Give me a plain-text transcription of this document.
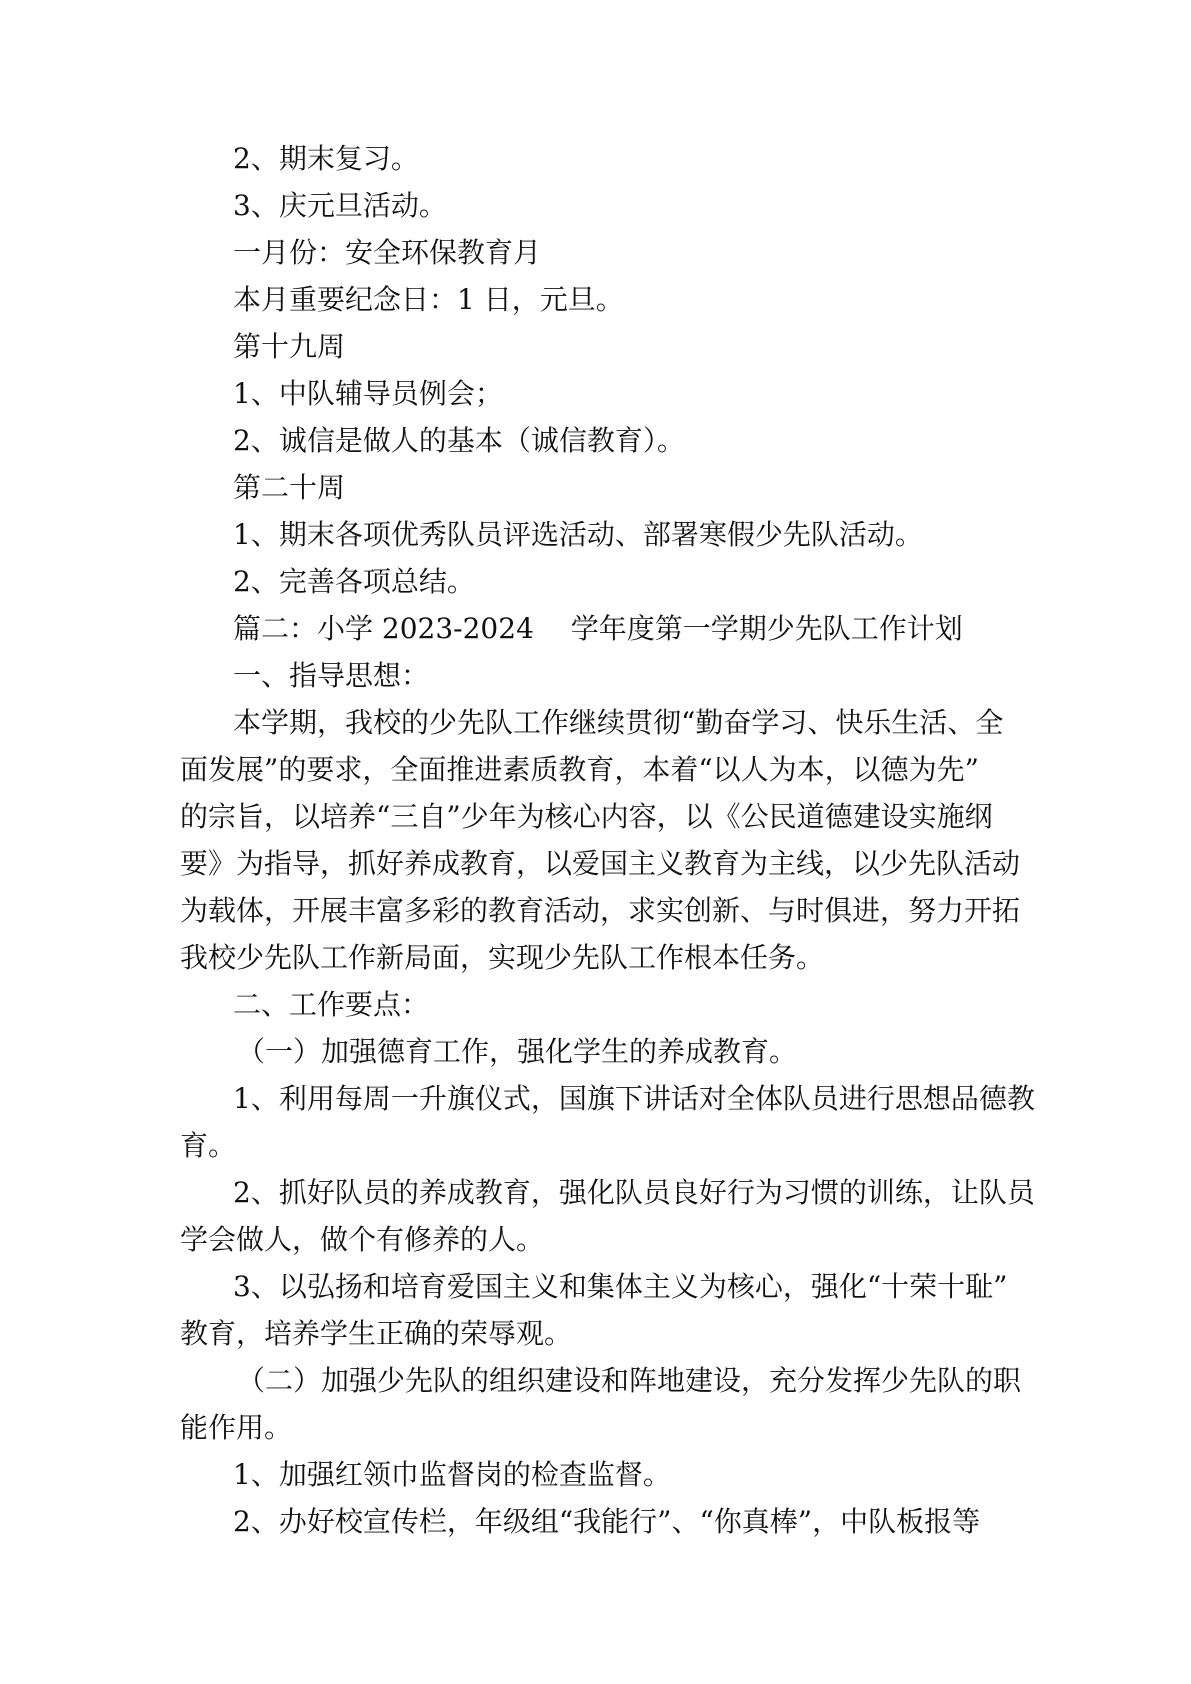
2、期末复习。

3、庆元旦活动。

一月份：安全环保教育月

本月重要纪念日：1 日，元旦。

第十九周

1、中队辅导员例会；

2、诚信是做人的基本（诚信教育）。

第二十周

1、期末各项优秀队员评选活动、部署寒假少先队活动。

2、完善各项总结。

篇二：小学 2023-2024　 学年度第一学期少先队工作计划

一、指导思想：

本学期，我校的少先队工作继续贯彻“勤奋学习、快乐生活、全

面发展”的要求，全面推进素质教育，本着“以人为本，以德为先”

的宗旨，以培养“三自”少年为核心内容，以《公民道德建设实施纲

要》为指导，抓好养成教育，以爱国主义教育为主线，以少先队活动

为载体，开展丰富多彩的教育活动，求实创新、与时俱进，努力开拓

我校少先队工作新局面，实现少先队工作根本任务。

二、工作要点：

（一）加强德育工作，强化学生的养成教育。

1、利用每周一升旗仪式，国旗下讲话对全体队员进行思想品德教

育。

2、抓好队员的养成教育，强化队员良好行为习惯的训练，让队员

学会做人，做个有修养的人。

3、以弘扬和培育爱国主义和集体主义为核心，强化“十荣十耻”

教育，培养学生正确的荣辱观。

（二）加强少先队的组织建设和阵地建设，充分发挥少先队的职

能作用。

1、加强红领巾监督岗的检查监督。

2、办好校宣传栏，年级组“我能行”、“你真棒”，中队板报等
